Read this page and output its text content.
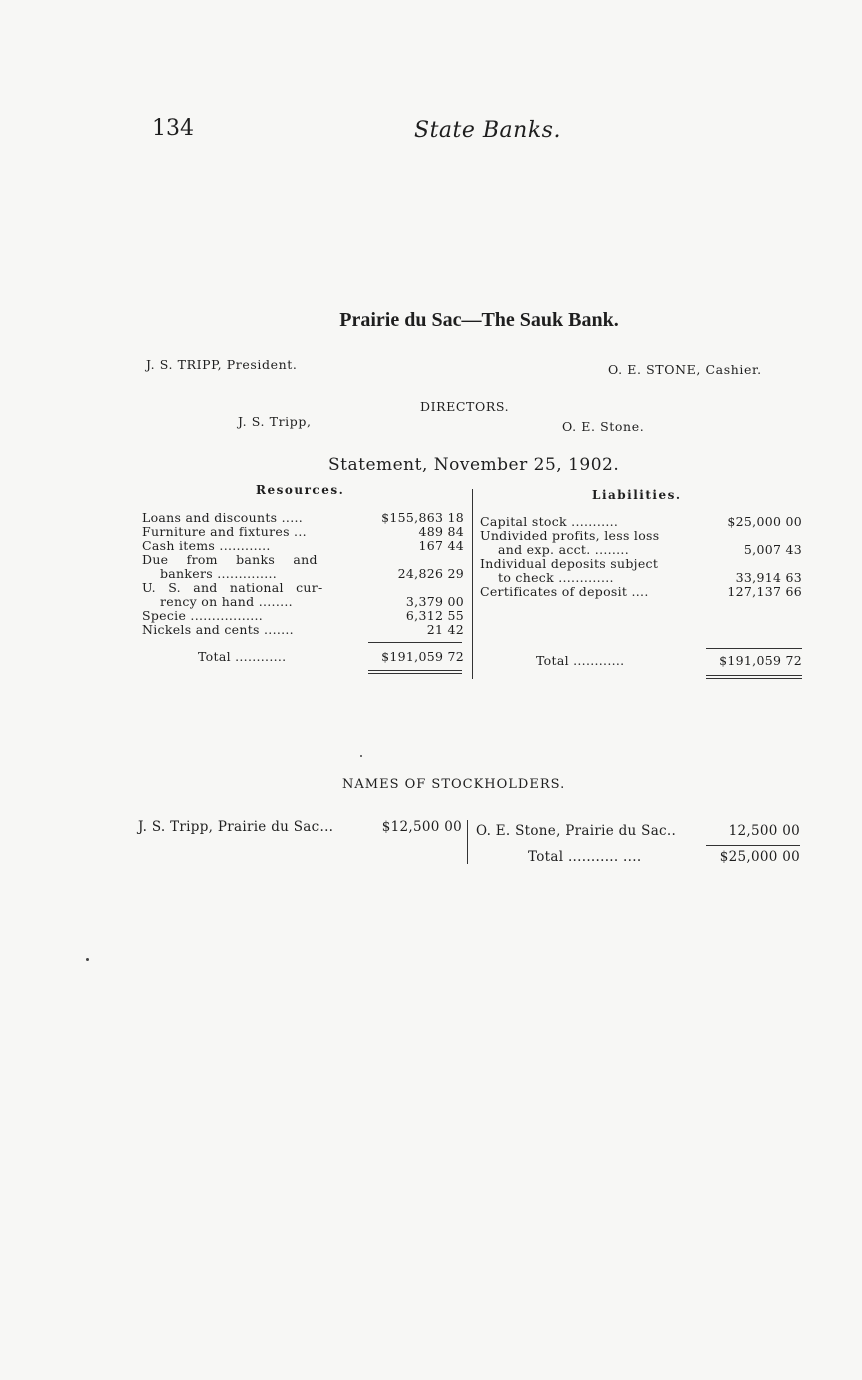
134	State Banks.
Prairie du Sac—The Sauk Bank.
J. S. TRIPP, President.	O. E. STONE, Cashier.
DIRECTORS.
J. S. Tripp,	O. E. Stone.
Statement, November 25, 1902.
Resources.	Liabilities.
Loans and discounts .....	$155,863 18
Furniture and fixtures ...	489 84
Cash items ............	167 44
Due from banks and
bankers ..............	24,826 29
U. S. and national cur-
rency on hand ........	3,379 00
Specie .................	6,312 55
Nickels and cents .......	21 42
Total ............	$191,059 72
Capital stock ...........	$25,000 00
Undivided profits, less loss
and exp. acct. ........	5,007 43
Individual deposits subject
to check .............	33,914 63
Certificates of deposit ....	127,137 66
Total ............	$191,059 72
NAMES OF STOCKHOLDERS.
J. S. Tripp, Prairie du Sac...	$12,500 00 O. E. Stone, Prairie du Sac..	12,500 00
Total ........... ....	$25,000 00
